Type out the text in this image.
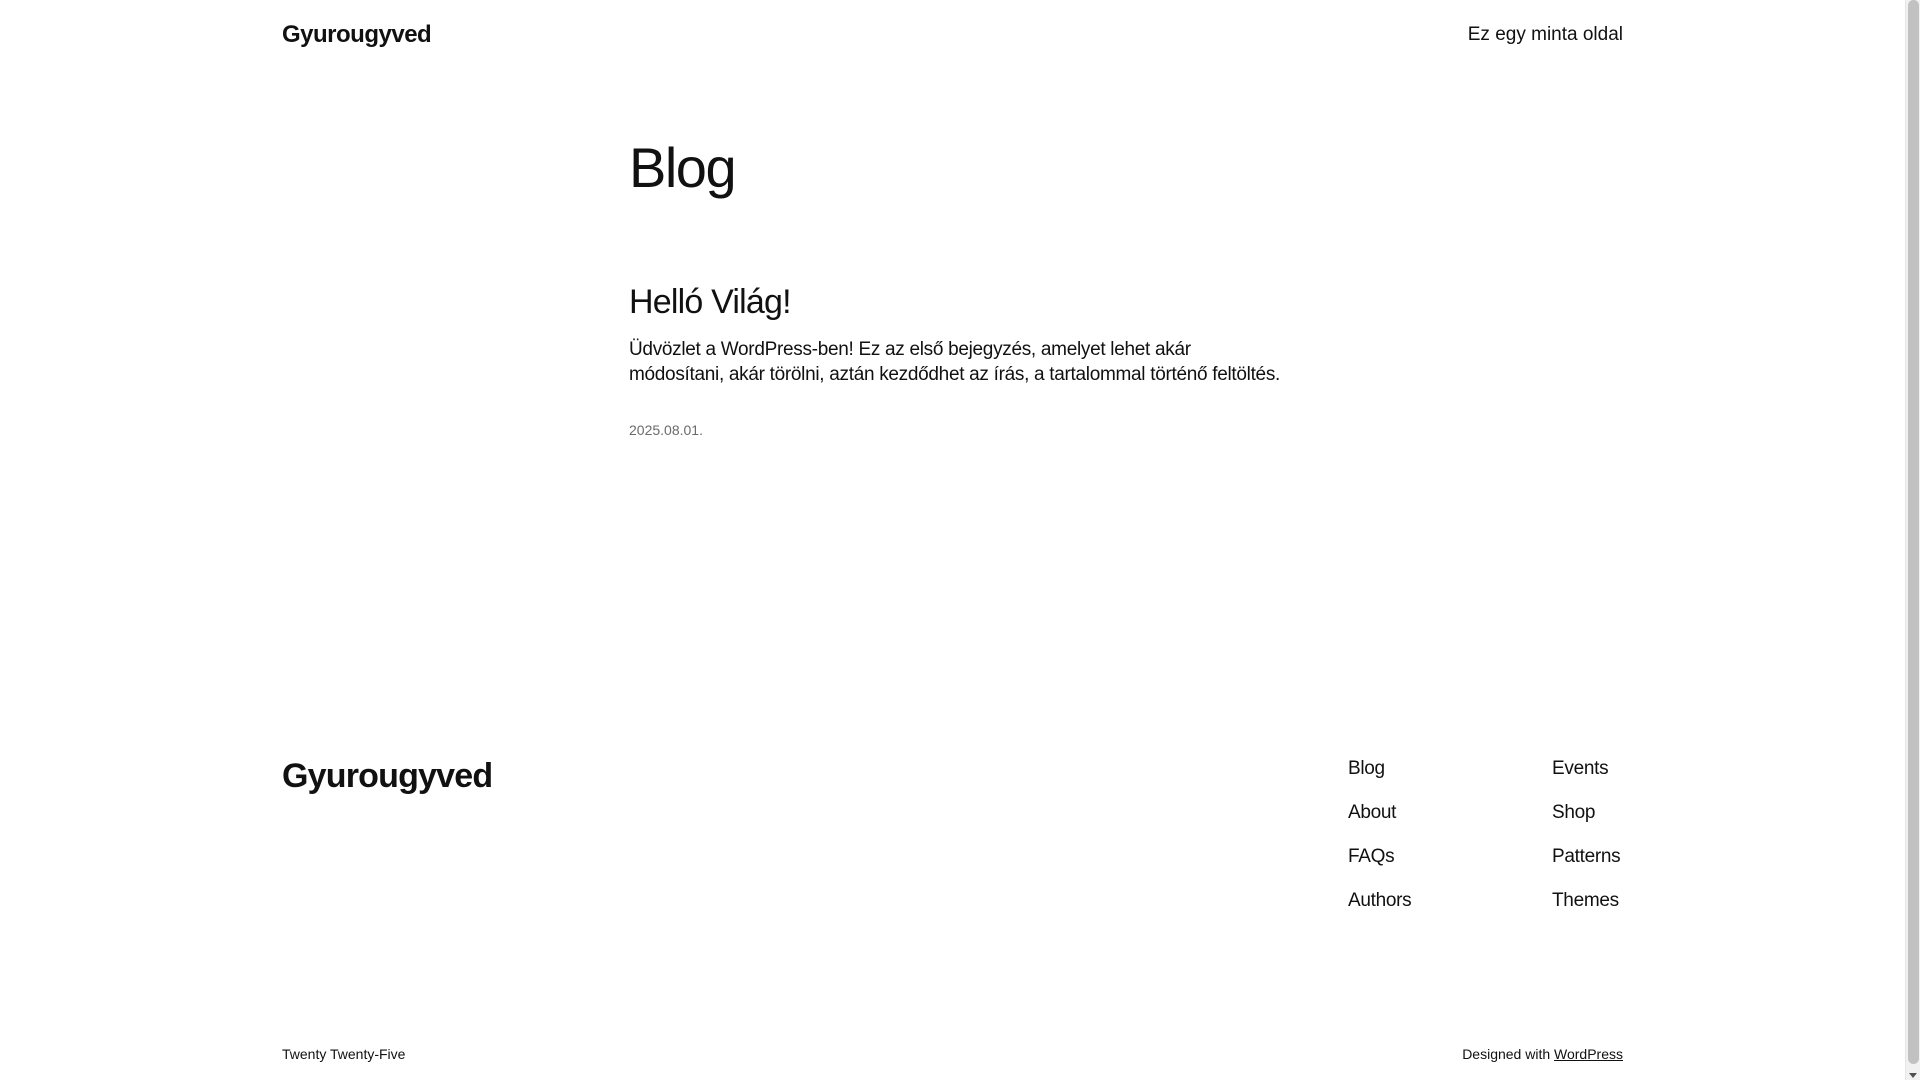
Gyurougyved	Ez egy minta oldal
Blog
Helló Világ!

Üdvözlet a WordPress-ben! Ez az első bejegyzés, amelyet lehet akár módosítani, akár törölni, aztán kezdődhet az írás, a tartalommal történő feltöltés.

2025.08.01.
Gyurougyved	Blog
About
FAQs
Authors
Events
Shop
Patterns
Themes
Twenty Twenty-Five	Designed with WordPress
